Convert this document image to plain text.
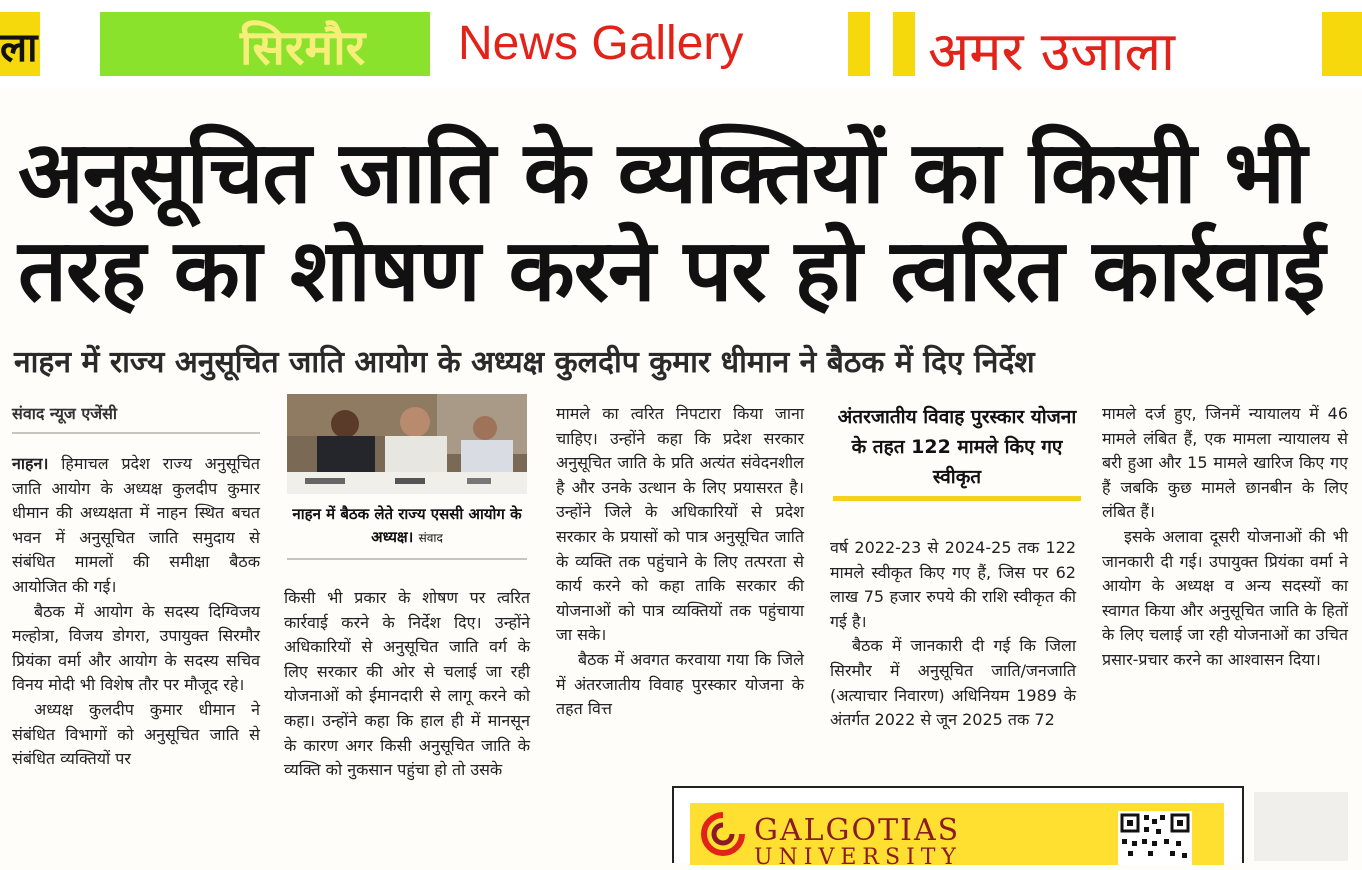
ला	सिरमौर News Gallery	अमर उजाला
अनुसूचित जाति के व्यक्तियों का किसी भी
तरह का शोषण करने पर हो त्वरित कार्रवाई
नाहन में राज्य अनुसूचित जाति आयोग के अध्यक्ष कुलदीप कुमार धीमान ने बैठक में दिए निर्देश
संवाद न्यूज एजेंसी

नाहन। हिमाचल प्रदेश राज्य अनुसूचित जाति आयोग के अध्यक्ष कुलदीप कुमार धीमान की अध्यक्षता में नाहन स्थित बचत भवन में अनुसूचित जाति समुदाय से संबंधित मामलों की समीक्षा बैठक आयोजित की गई।

बैठक में आयोग के सदस्य दिग्विजय मल्होत्रा, विजय डोगरा, उपायुक्त सिरमौर प्रियंका वर्मा और आयोग के सदस्य सचिव विनय मोदी भी विशेष तौर पर मौजूद रहे।

अध्यक्ष कुलदीप कुमार धीमान ने संबंधित विभागों को अनुसूचित जाति से संबंधित व्यक्तियों पर

नाहन में बैठक लेते राज्य एससी आयोग के अध्यक्ष। संवाद

किसी भी प्रकार के शोषण पर त्वरित कार्रवाई करने के निर्देश दिए। उन्होंने अधिकारियों से अनुसूचित जाति वर्ग के लिए सरकार की ओर से चलाई जा रही योजनाओं को ईमानदारी से लागू करने को कहा। उन्होंने कहा कि हाल ही में मानसून के कारण अगर किसी अनुसूचित जाति के व्यक्ति को नुकसान पहुंचा हो तो उसके

मामले का त्वरित निपटारा किया जाना चाहिए। उन्होंने कहा कि प्रदेश सरकार अनुसूचित जाति के प्रति अत्यंत संवेदनशील है और उनके उत्थान के लिए प्रयासरत है। उन्होंने जिले के अधिकारियों से प्रदेश सरकार के प्रयासों को पात्र अनुसूचित जाति के व्यक्ति तक पहुंचाने के लिए तत्परता से कार्य करने को कहा ताकि सरकार की योजनाओं को पात्र व्यक्तियों तक पहुंचाया जा सके।

बैठक में अवगत करवाया गया कि जिले में अंतरजातीय विवाह पुरस्कार योजना के तहत वित्त

अंतरजातीय विवाह पुरस्कार योजना के तहत 122 मामले किए गए स्वीकृत

वर्ष 2022-23 से 2024-25 तक 122 मामले स्वीकृत किए गए हैं, जिस पर 62 लाख 75 हजार रुपये की राशि स्वीकृत की गई है।

बैठक में जानकारी दी गई कि जिला सिरमौर में अनुसूचित जाति/जनजाति (अत्याचार निवारण) अधिनियम 1989 के अंतर्गत 2022 से जून 2025 तक 72

मामले दर्ज हुए, जिनमें न्यायालय में 46 मामले लंबित हैं, एक मामला न्यायालय से बरी हुआ और 15 मामले खारिज किए गए हैं जबकि कुछ मामले छानबीन के लिए लंबित हैं।

इसके अलावा दूसरी योजनाओं की भी जानकारी दी गई। उपायुक्त प्रियंका वर्मा ने आयोग के अध्यक्ष व अन्य सदस्यों का स्वागत किया और अनुसूचित जाति के हितों के लिए चलाई जा रही योजनाओं का उचित प्रसार-प्रचार करने का आश्वासन दिया।

GALGOTIAS
UNIVERSITY
